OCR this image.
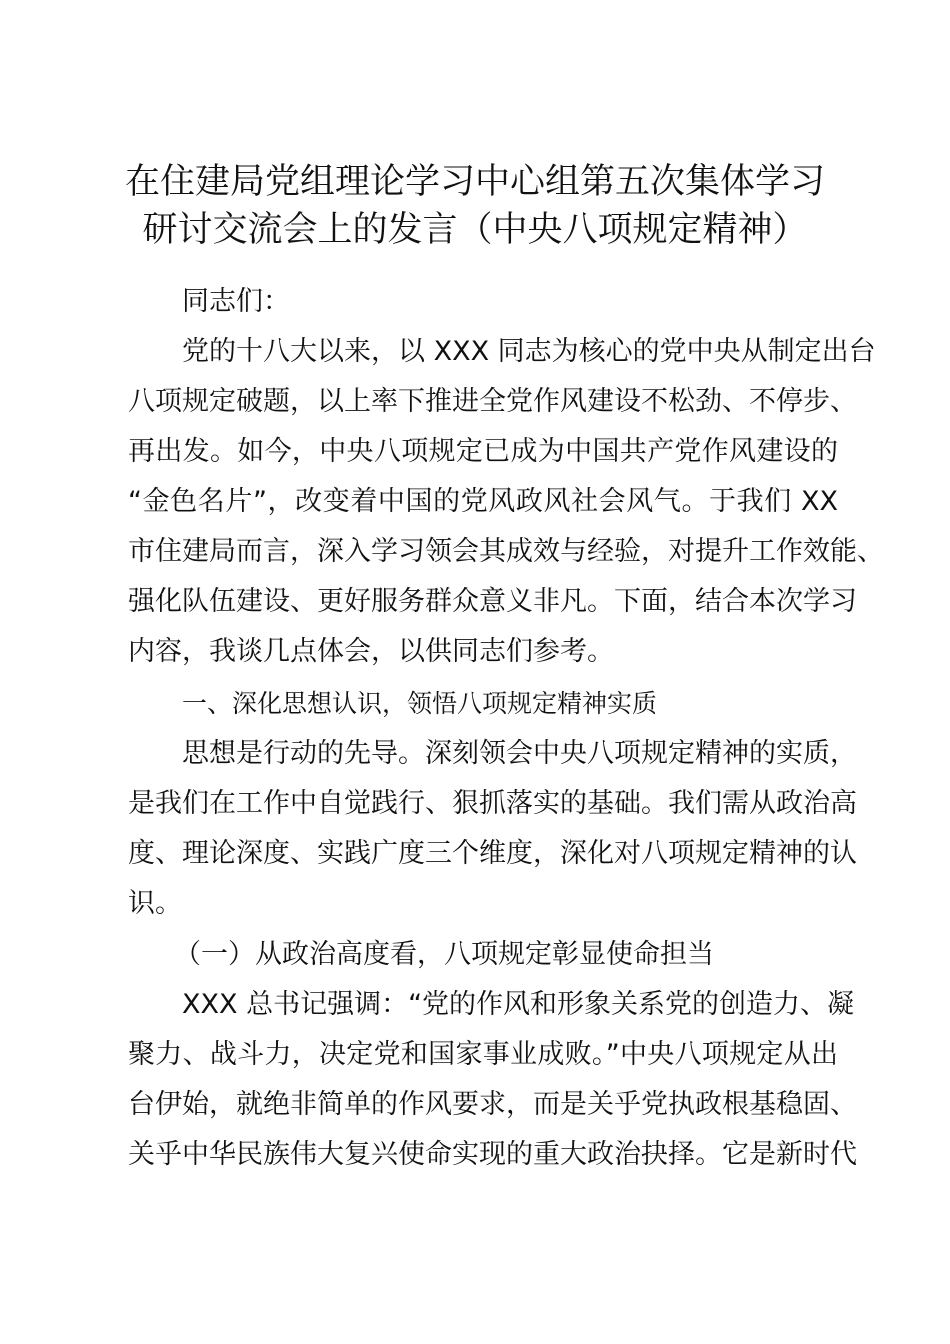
在住建局党组理论学习中心组第五次集体学习
研讨交流会上的发言（中央八项规定精神）

同志们：

党的十八大以来，以 XXX 同志为核心的党中央从制定出台
八项规定破题，以上率下推进全党作风建设不松劲、不停步、
再出发。如今，中央八项规定已成为中国共产党作风建设的
“金色名片”，改变着中国的党风政风社会风气。于我们 XX
市住建局而言，深入学习领会其成效与经验，对提升工作效能、
强化队伍建设、更好服务群众意义非凡。下面，结合本次学习
内容，我谈几点体会，以供同志们参考。

一、深化思想认识，领悟八项规定精神实质

思想是行动的先导。深刻领会中央八项规定精神的实质，
是我们在工作中自觉践行、狠抓落实的基础。我们需从政治高
度、理论深度、实践广度三个维度，深化对八项规定精神的认
识。

（一）从政治高度看，八项规定彰显使命担当

XXX 总书记强调：“党的作风和形象关系党的创造力、凝
聚力、战斗力，决定党和国家事业成败。”中央八项规定从出
台伊始，就绝非简单的作风要求，而是关乎党执政根基稳固、
关乎中华民族伟大复兴使命实现的重大政治抉择。它是新时代
